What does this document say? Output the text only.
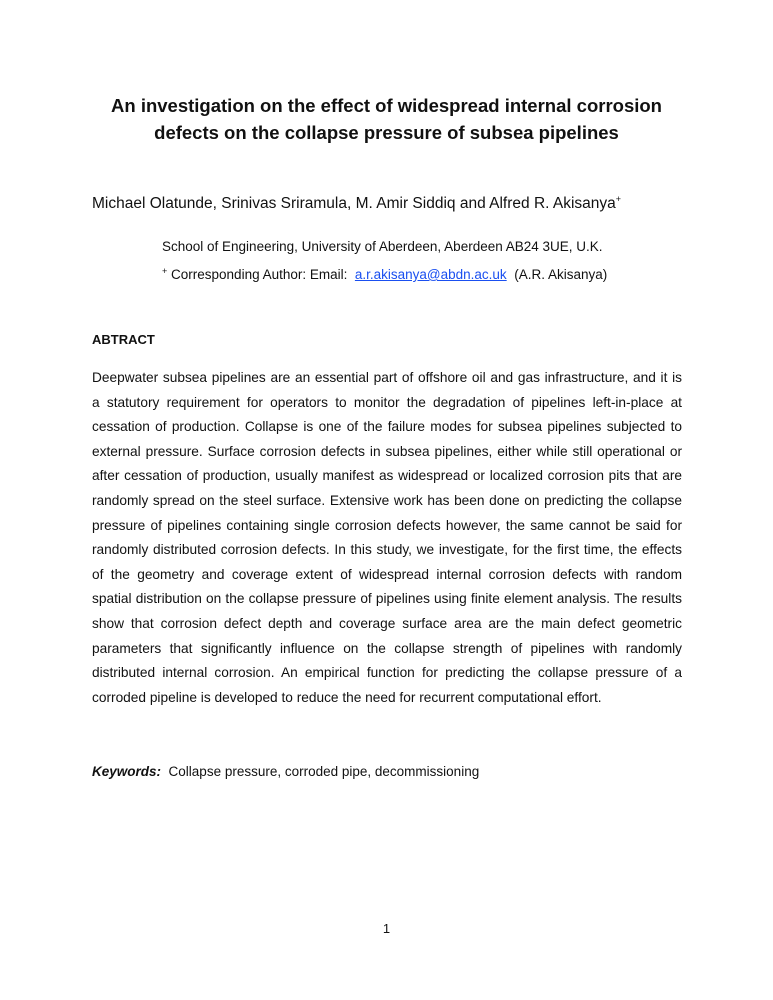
An investigation on the effect of widespread internal corrosion
defects on the collapse pressure of subsea pipelines
Michael Olatunde, Srinivas Sriramula, M. Amir Siddiq and Alfred R. Akisanya+
School of Engineering, University of Aberdeen, Aberdeen AB24 3UE, U.K.
+ Corresponding Author: Email: a.r.akisanya@abdn.ac.uk (A.R. Akisanya)
ABTRACT
Deepwater subsea pipelines are an essential part of offshore oil and gas infrastructure, and it is
a statutory requirement for operators to monitor the degradation of pipelines left-in-place at
cessation of production. Collapse is one of the failure modes for subsea pipelines subjected to
external pressure. Surface corrosion defects in subsea pipelines, either while still operational or
after cessation of production, usually manifest as widespread or localized corrosion pits that are
randomly spread on the steel surface. Extensive work has been done on predicting the collapse
pressure of pipelines containing single corrosion defects however, the same cannot be said for
randomly distributed corrosion defects. In this study, we investigate, for the first time, the effects
of the geometry and coverage extent of widespread internal corrosion defects with random
spatial distribution on the collapse pressure of pipelines using finite element analysis. The results
show that corrosion defect depth and coverage surface area are the main defect geometric
parameters that significantly influence on the collapse strength of pipelines with randomly
distributed internal corrosion. An empirical function for predicting the collapse pressure of a
corroded pipeline is developed to reduce the need for recurrent computational effort.
Keywords: Collapse pressure, corroded pipe, decommissioning
1
